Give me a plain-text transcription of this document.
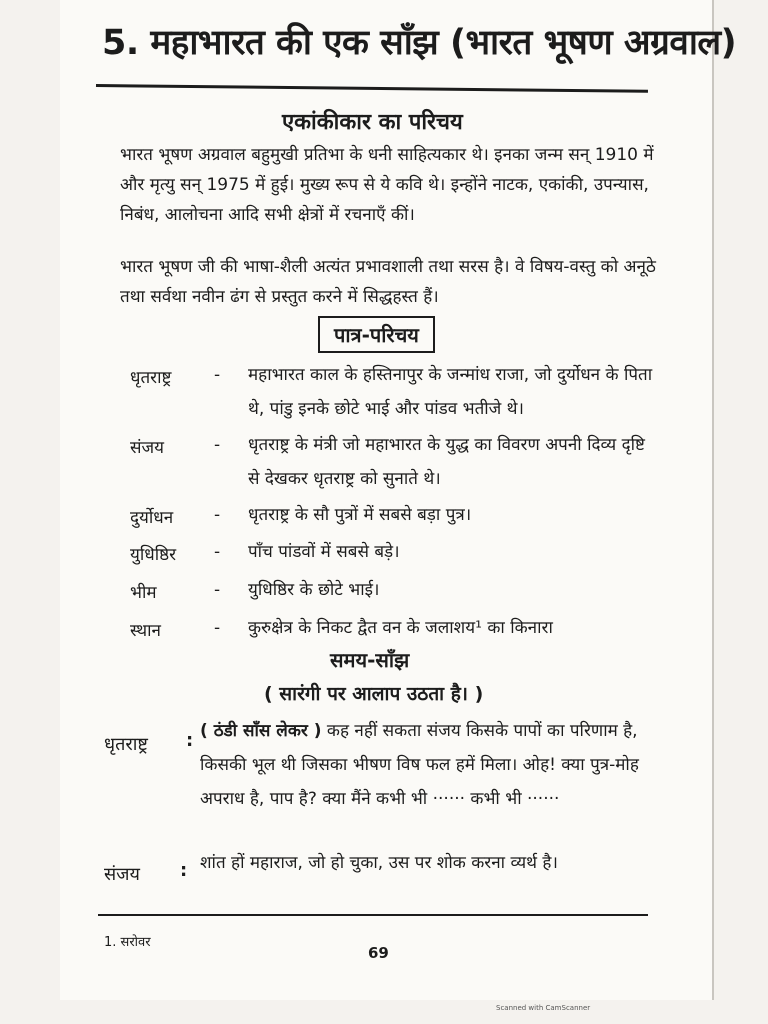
5. महाभारत की एक साँझ (भारत भूषण अग्रवाल)
एकांकीकार का परिचय
भारत भूषण अग्रवाल बहुमुखी प्रतिभा के धनी साहित्यकार थे। इनका जन्म सन् 1910 में और मृत्यु सन् 1975 में हुई। मुख्य रूप से ये कवि थे। इन्होंने नाटक, एकांकी, उपन्यास, निबंध, आलोचना आदि सभी क्षेत्रों में रचनाएँ कीं।
भारत भूषण जी की भाषा-शैली अत्यंत प्रभावशाली तथा सरस है। वे विषय-वस्तु को अनूठे तथा सर्वथा नवीन ढंग से प्रस्तुत करने में सिद्धहस्त हैं।
पात्र-परिचय
धृतराष्ट्र	- महाभारत काल के हस्तिनापुर के जन्मांध राजा, जो दुर्योधन के पिता थे, पांडु इनके छोटे भाई और पांडव भतीजे थे।
संजय	- धृतराष्ट्र के मंत्री जो महाभारत के युद्ध का विवरण अपनी दिव्य दृष्टि से देखकर धृतराष्ट्र को सुनाते थे।
दुर्योधन - धृतराष्ट्र के सौ पुत्रों में सबसे बड़ा पुत्र।
युधिष्ठिर - पाँच पांडवों में सबसे बड़े।
भीम	- युधिष्ठिर के छोटे भाई।
स्थान	- कुरुक्षेत्र के निकट द्वैत वन के जलाशय¹ का किनारा
समय-साँझ
( सारंगी पर आलाप उठता है। )
धृतराष्ट्र : ( ठंडी साँस लेकर ) कह नहीं सकता संजय किसके पापों का परिणाम है, किसकी भूल थी जिसका भीषण विष फल हमें मिला। ओह! क्या पुत्र-मोह अपराध है, पाप है? क्या मैंने कभी भी ······ कभी भी ······
संजय : शांत हों महाराज, जो हो चुका, उस पर शोक करना व्यर्थ है।
1. सरोवर
69
Scanned with CamScanner
